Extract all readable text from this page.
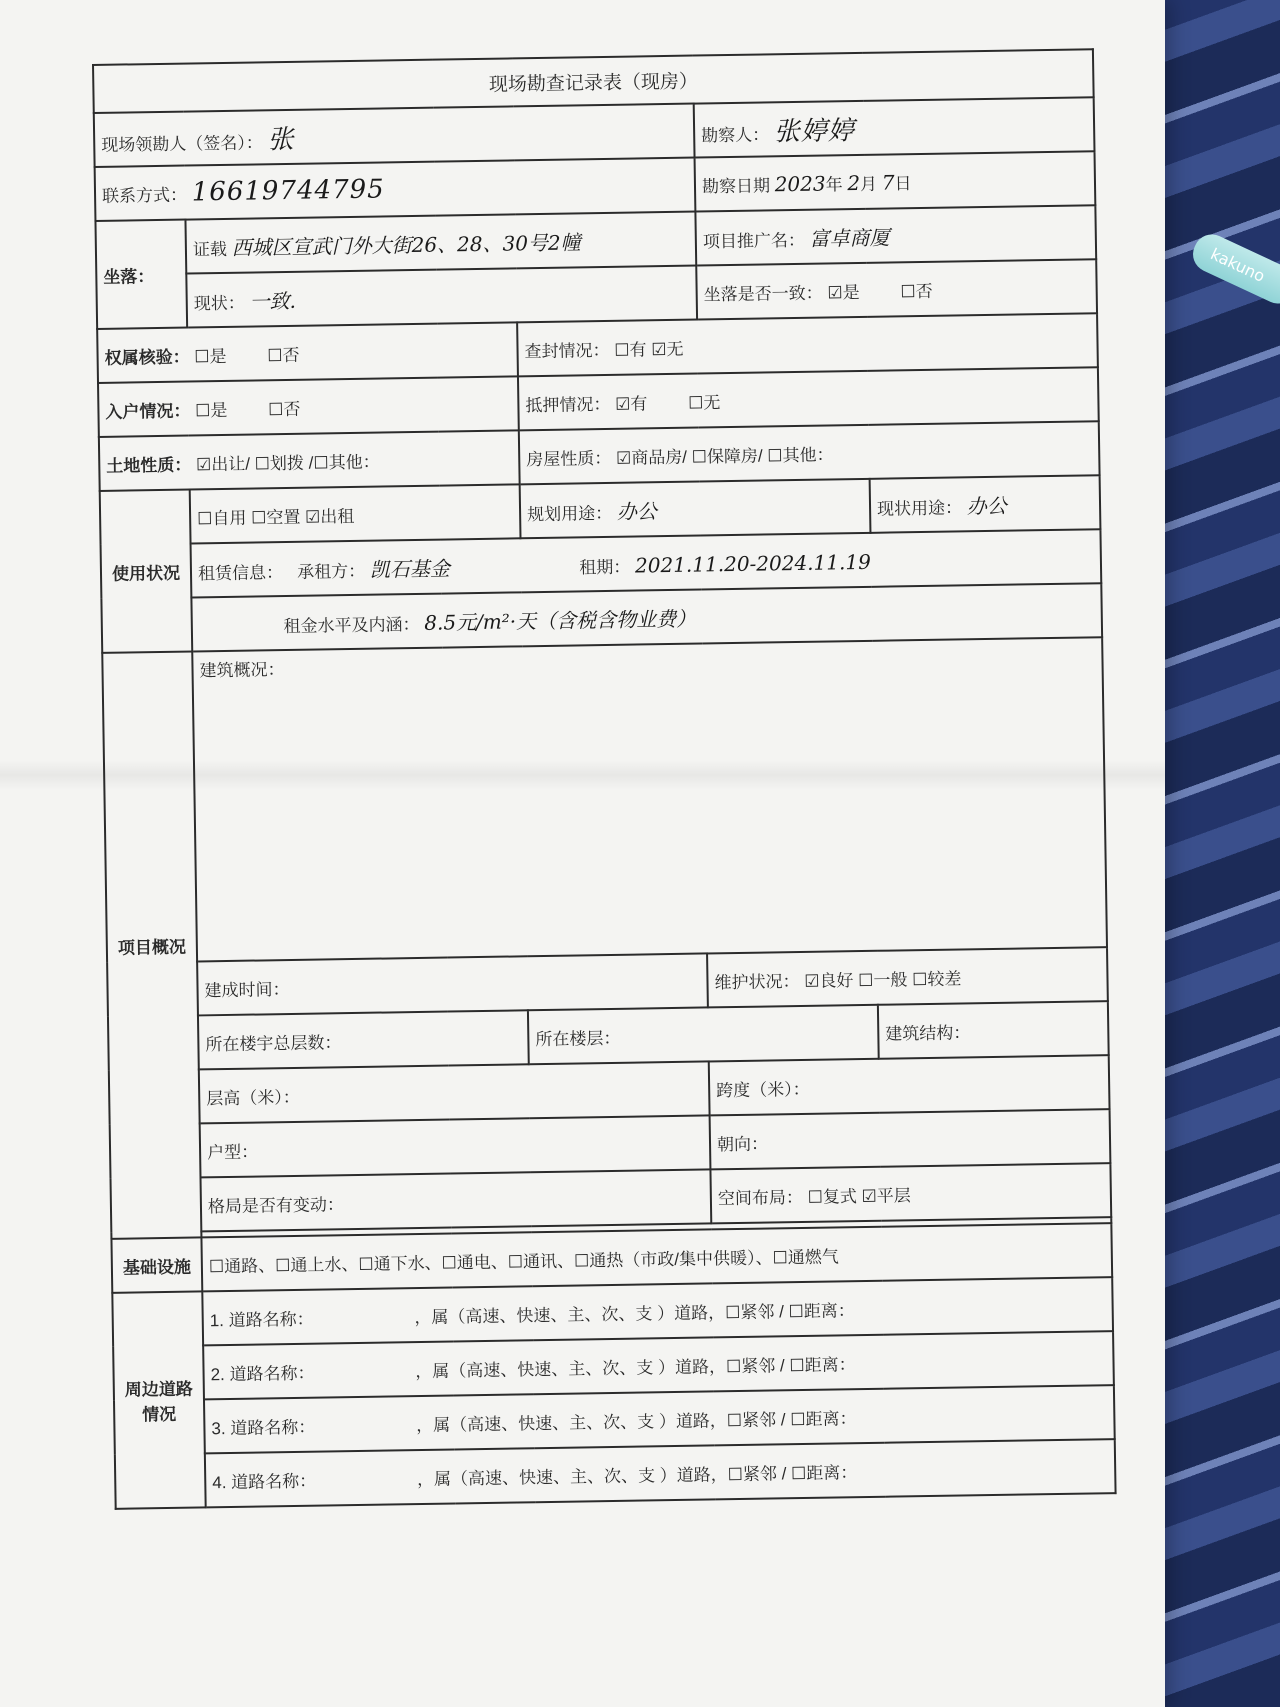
kakuno
现场勘查记录表（现房）				
现场领勘人（签名）： 张			勘察人： 张婷婷	
联系方式： 16619744795			勘察日期 2023年 2月 7日	
坐落：	证载 西城区宣武门外大街26、28、30号2幢		项目推广名： 富卓商厦	
	现状： 一致.		坐落是否一致： ☑是 ☐否	
权属核验： ☐是 ☐否		查封情况： ☐有 ☑无		
入户情况： ☐是 ☐否		抵押情况： ☑有 ☐无		
土地性质： ☑出让/ ☐划拨 /☐其他：		房屋性质： ☑商品房/ ☐保障房/ ☐其他：		
使用状况	☐自用 ☐空置 ☑出租	规划用途： 办公		现状用途： 办公
	租赁信息： 承租方： 凯石基金 租期： 2021.11.20-2024.11.19			
	租金水平及内涵： 8.5元/m²·天（含税含物业费）			
项目概况	建筑概况：			
	建成时间：		维护状况： ☑良好 ☐一般 ☐较差	
	所在楼宇总层数：	所在楼层：		建筑结构：
	层高（米）：		跨度（米）：	
	户型：		朝向：	
	格局是否有变动：		空间布局： ☐复式 ☑平层	

基础设施	☐通路、☐通上水、☐通下水、☐通电、☐通讯、☐通热（市政/集中供暖）、☐通燃气			
周边道路情况	1. 道路名称： ，属（高速、快速、主、次、支 ）道路，☐紧邻 / ☐距离：			
	2. 道路名称： ，属（高速、快速、主、次、支 ）道路，☐紧邻 / ☐距离：			
	3. 道路名称： ，属（高速、快速、主、次、支 ）道路，☐紧邻 / ☐距离：			
	4. 道路名称： ，属（高速、快速、主、次、支 ）道路，☐紧邻 / ☐距离：			
